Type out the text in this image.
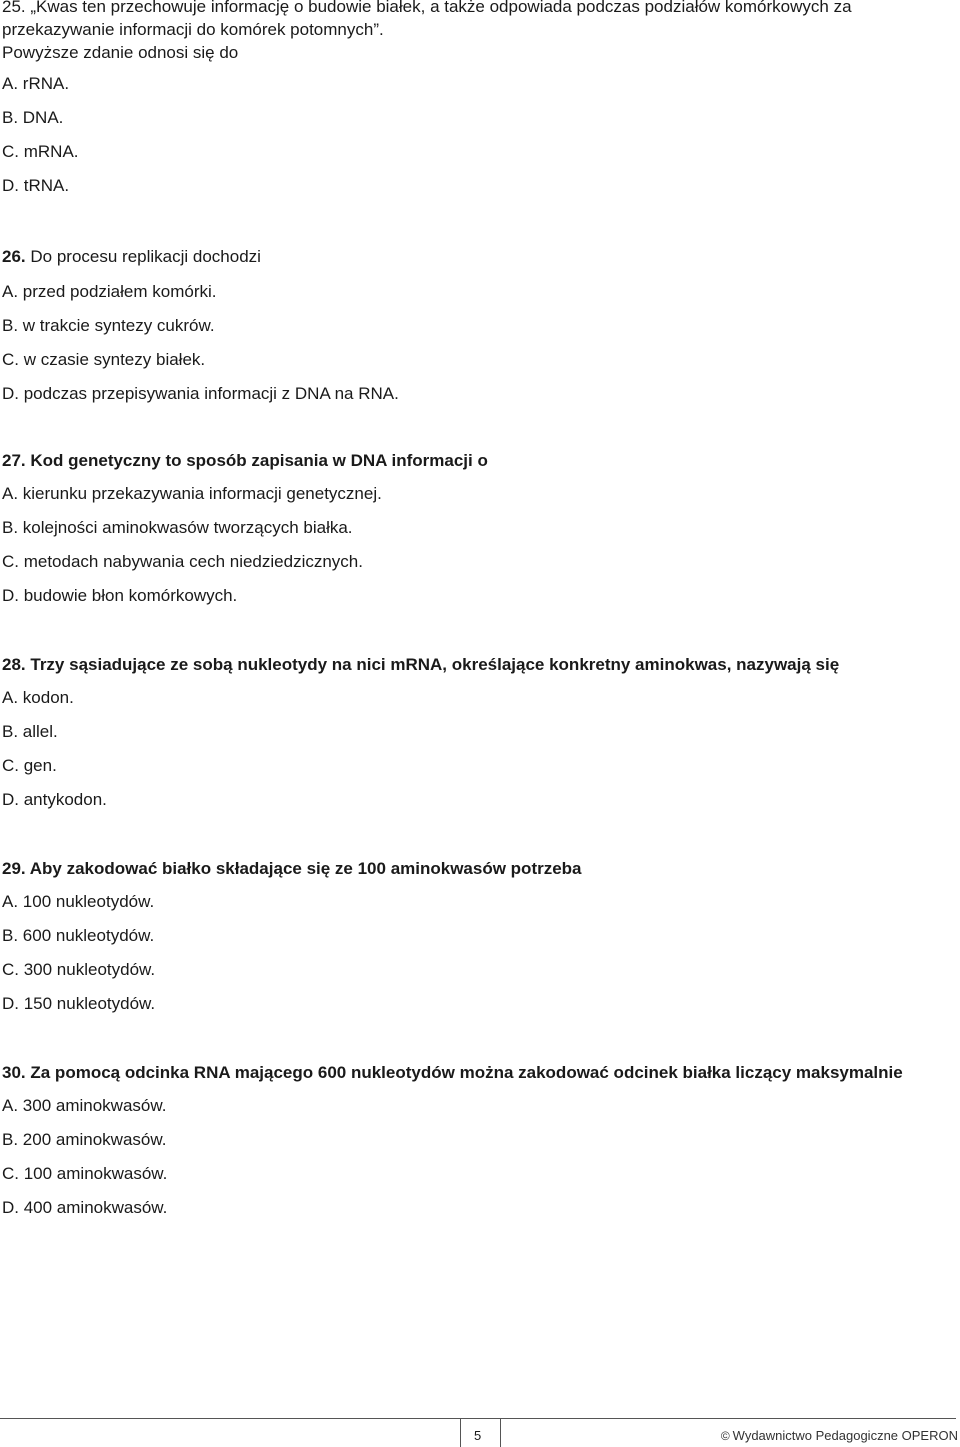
25. „Kwas ten przechowuje informację o budowie białek, a także odpowiada podczas podziałów komórkowych za

przekazywanie informacji do komórek potomnych”.

Powyższe zdanie odnosi się do

A. rRNA.

B. DNA.

C. mRNA.

D. tRNA.

26. Do procesu replikacji dochodzi

A. przed podziałem komórki.

B. w trakcie syntezy cukrów.

C. w czasie syntezy białek.

D. podczas przepisywania informacji z DNA na RNA.

27. Kod genetyczny to sposób zapisania w DNA informacji o

A. kierunku przekazywania informacji genetycznej.

B. kolejności aminokwasów tworzących białka.

C. metodach nabywania cech niedziedzicznych.

D. budowie błon komórkowych.

28. Trzy sąsiadujące ze sobą nukleotydy na nici mRNA, określające konkretny aminokwas, nazywają się

A. kodon.

B. allel.

C. gen.

D. antykodon.

29. Aby zakodować białko składające się ze 100 aminokwasów potrzeba

A. 100 nukleotydów.

B. 600 nukleotydów.

C. 300 nukleotydów.

D. 150 nukleotydów.

30. Za pomocą odcinka RNA mającego 600 nukleotydów można zakodować odcinek białka liczący maksymalnie

A. 300 aminokwasów.

B. 200 aminokwasów.

C. 100 aminokwasów.

D. 400 aminokwasów.

5	© Wydawnictwo Pedagogiczne OPERON
